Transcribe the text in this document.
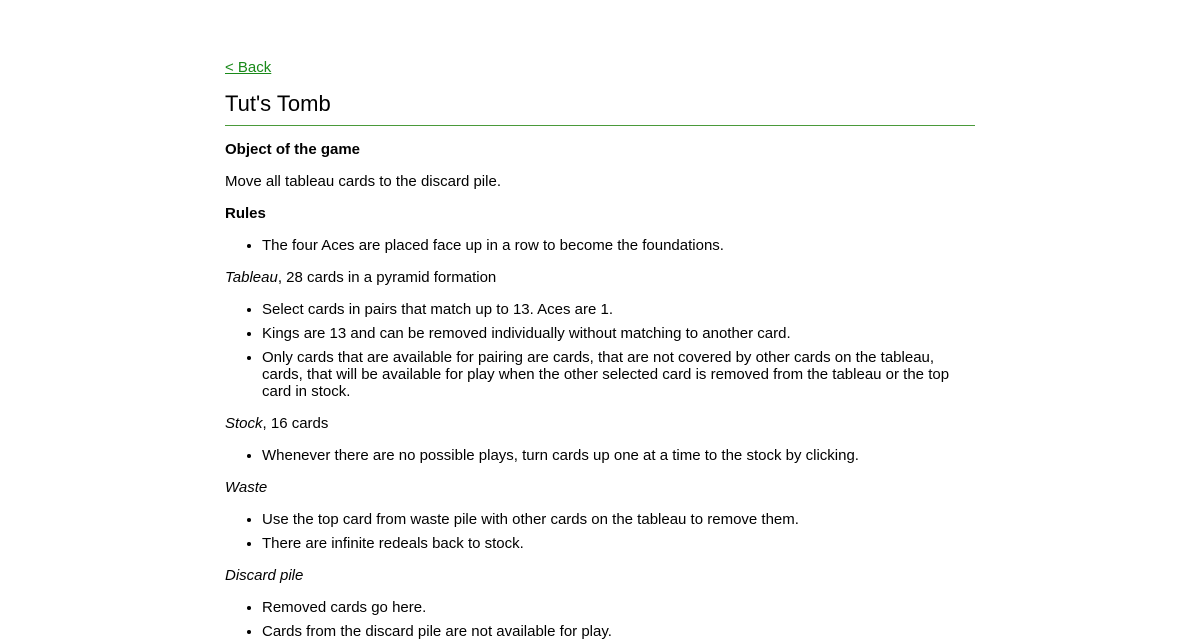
< Back
Tut's Tomb

Object of the game

Move all tableau cards to the discard pile.

Rules

• The four Aces are placed face up in a row to become the foundations.

Tableau, 28 cards in a pyramid formation

• Select cards in pairs that match up to 13. Aces are 1.
• Kings are 13 and can be removed individually without matching to another card.
• Only cards that are available for pairing are cards, that are not covered by other cards on the tableau, cards, that will be available for play when the other selected card is removed from the tableau or the top card in stock.

Stock, 16 cards

• Whenever there are no possible plays, turn cards up one at a time to the stock by clicking.

Waste

• Use the top card from waste pile with other cards on the tableau to remove them.
• There are infinite redeals back to stock.

Discard pile

• Removed cards go here.
• Cards from the discard pile are not available for play.
